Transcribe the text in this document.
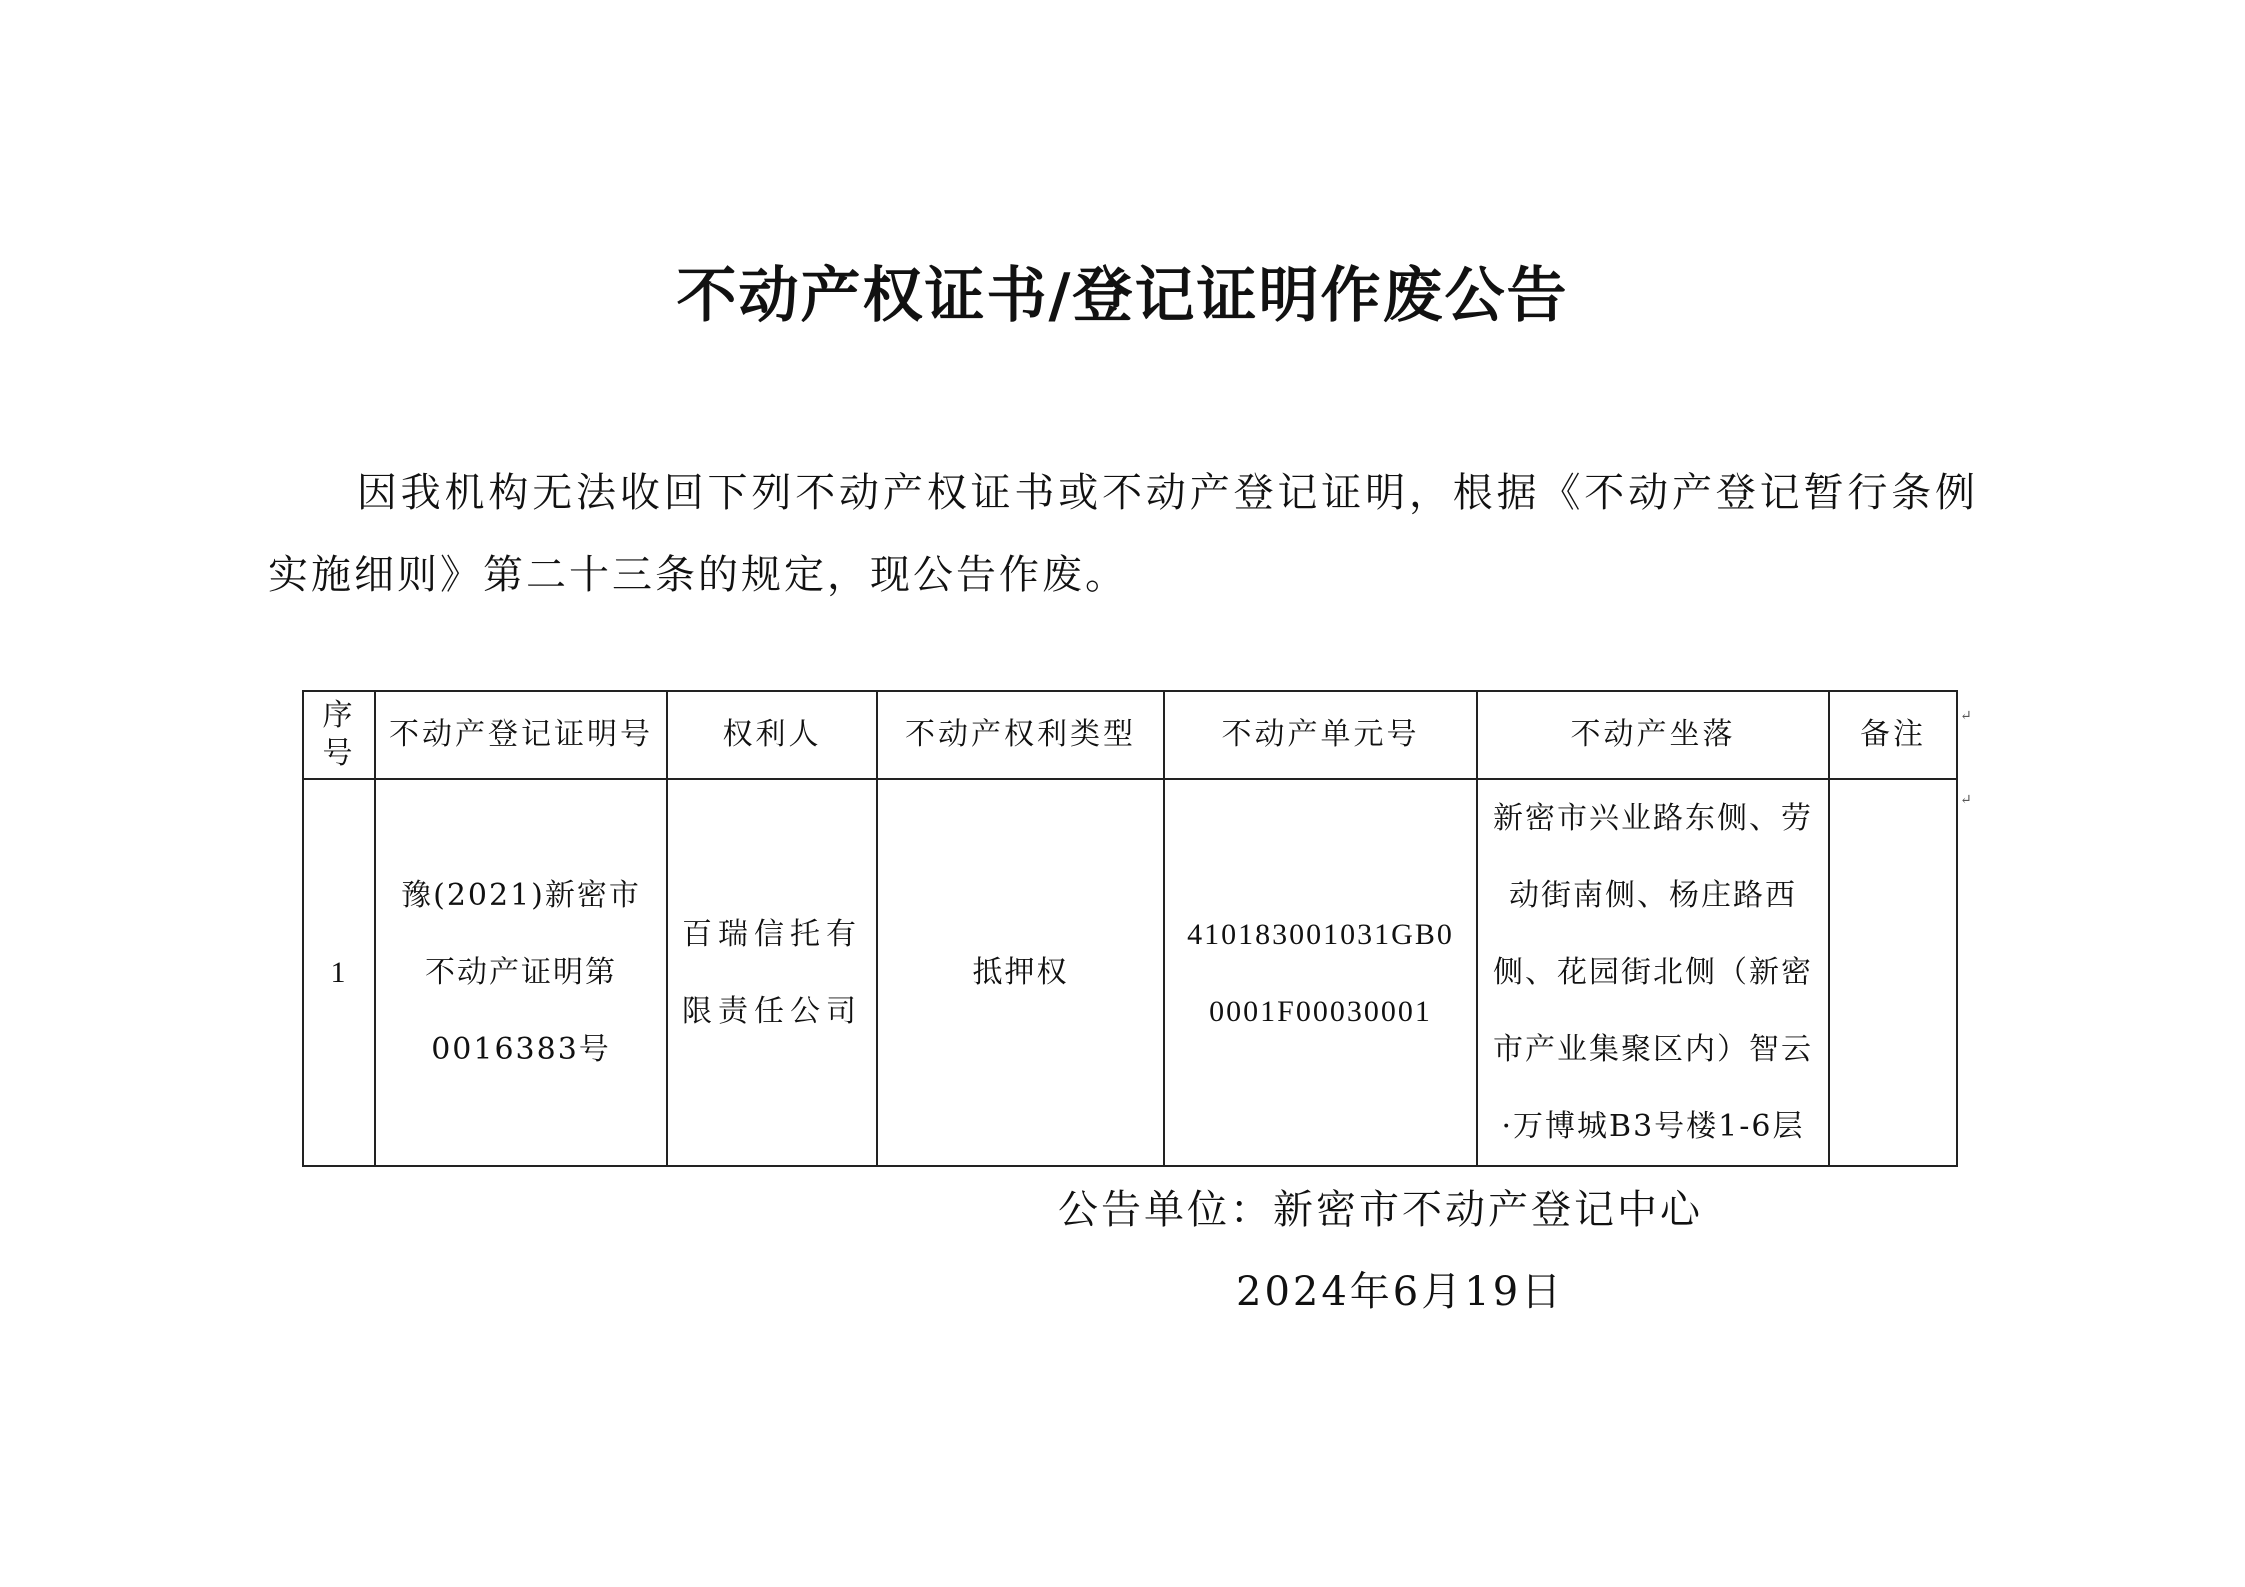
不动产权证书/登记证明作废公告
因我机构无法收回下列不动产权证书或不动产登记证明，根据《不动产登记暂行条例实施细则》第二十三条的规定，现公告作废。
序号	不动产登记证明号	权利人	不动产权利类型	不动产单元号	不动产坐落	备注
1	豫(2021)新密市不动产证明第0016383号	百瑞信托有限责任公司	抵押权	410183001031GB00001F00030001	新密市兴业路东侧、劳动街南侧、杨庄路西侧、花园街北侧（新密市产业集聚区内）智云·万博城B3号楼1-6层	
↵
↵
公告单位：新密市不动产登记中心
2024年6月19日
